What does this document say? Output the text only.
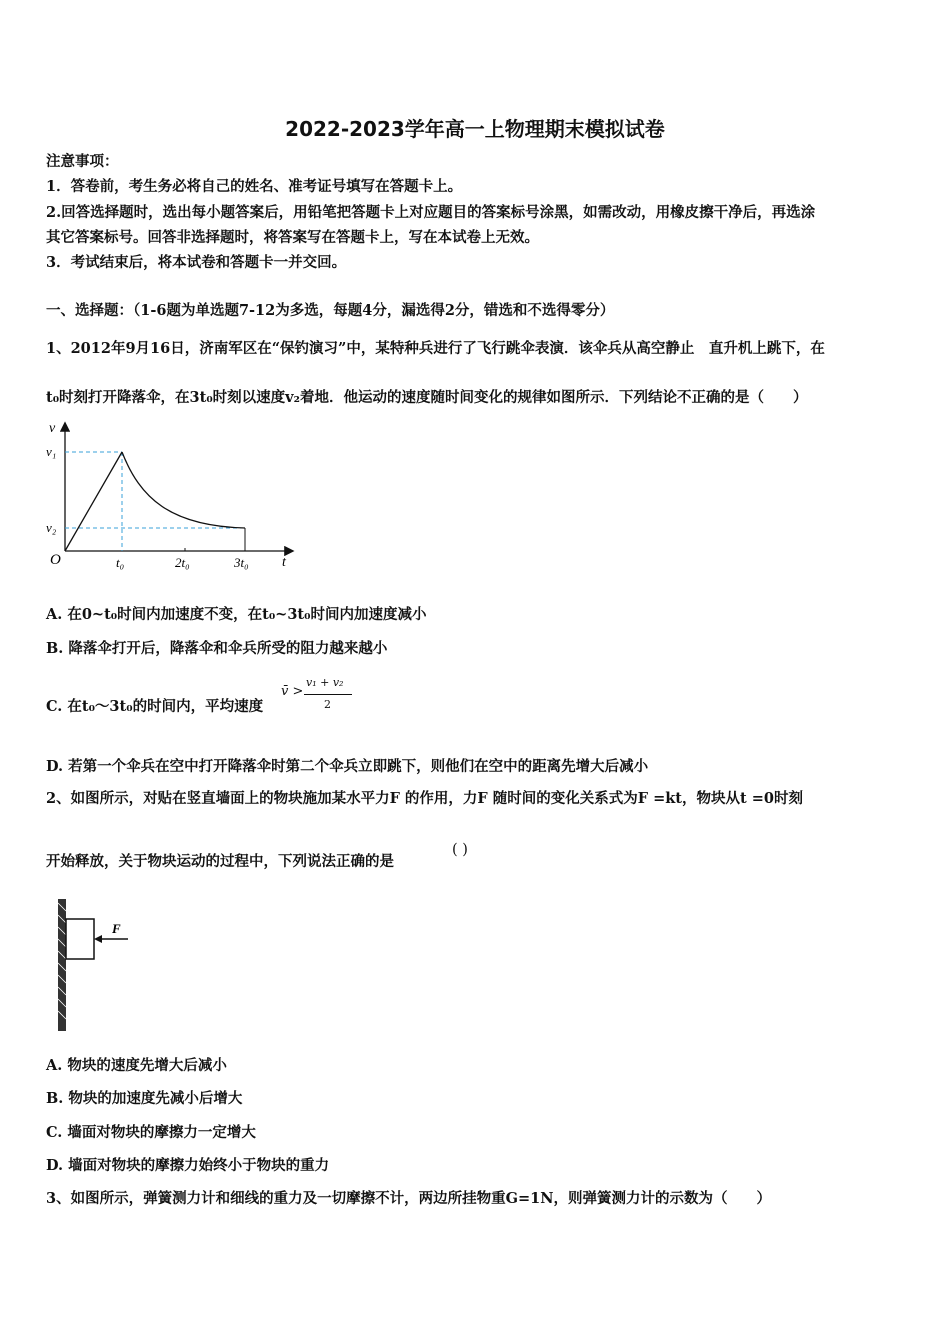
2022-2023学年高一上物理期末模拟试卷
注意事项：
1．答卷前，考生务必将自己的姓名、准考证号填写在答题卡上。
2.回答选择题时，选出每小题答案后，用铅笔把答题卡上对应题目的答案标号涂黑，如需改动，用橡皮擦干净后，再选涂
其它答案标号。回答非选择题时，将答案写在答题卡上，写在本试卷上无效。
3．考试结束后，将本试卷和答题卡一并交回。
一、选择题：（1-6题为单选题7-12为多选，每题4分，漏选得2分，错选和不选得零分）
1、2012年9月16日，济南军区在“保钓演习”中，某特种兵进行了飞行跳伞表演．该伞兵从高空静止　直升机上跳下，在
t₀时刻打开降落伞，在3t₀时刻以速度v₂着地．他运动的速度随时间变化的规律如图所示．下列结论不正确的是（　　）
v
v₁
v₂
O	t₀	2t₀	3t₀ t
A. 在0~t₀时间内加速度不变，在t₀~3t₀时间内加速度减小
B. 降落伞打开后，降落伞和伞兵所受的阻力越来越小
C. 在t₀～3t₀的时间内，平均速度
v̄ >
v₁ + v₂
2
D. 若第一个伞兵在空中打开降落伞时第二个伞兵立即跳下，则他们在空中的距离先增大后减小
2、如图所示，对贴在竖直墙面上的物块施加某水平力F 的作用，力F 随时间的变化关系式为F =kt，物块从t =0时刻
开始释放，关于物块运动的过程中，下列说法正确的是
( )
F
A. 物块的速度先增大后减小
B. 物块的加速度先减小后增大
C. 墙面对物块的摩擦力一定增大
D. 墙面对物块的摩擦力始终小于物块的重力
3、如图所示，弹簧测力计和细线的重力及一切摩擦不计，两边所挂物重G=1N，则弹簧测力计的示数为（　　）
